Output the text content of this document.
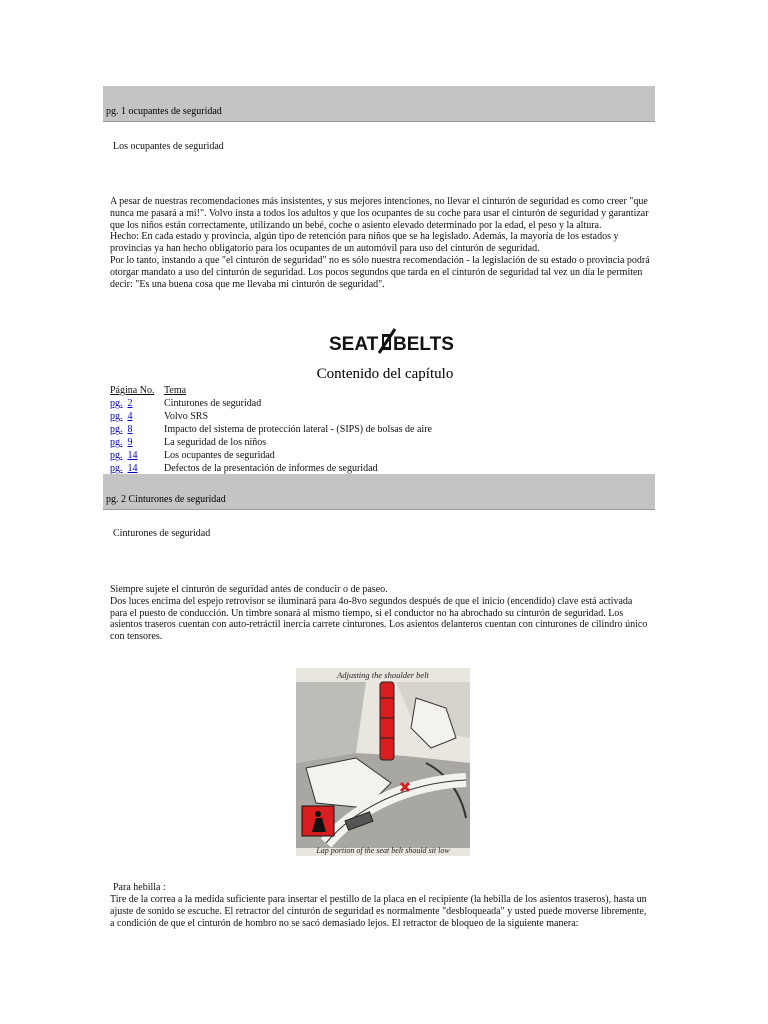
pg. 1 ocupantes de seguridad
Los ocupantes de seguridad

A pesar de nuestras recomendaciones más insistentes, y sus mejores intenciones, no llevar el cinturón de seguridad es como creer "que nunca me pasará a mí!". Volvo insta a todos los adultos y que los ocupantes de su coche para usar el cinturón de seguridad y garantizar que los niños están correctamente, utilizando un bebé, coche o asiento elevado determinado por la edad, el peso y la altura.

Hecho: En cada estado y provincia, algún tipo de retención para niños que se ha legislado. Además, la mayoría de los estados y provincias ya han hecho obligatorio para los ocupantes de un automóvil para uso del cinturón de seguridad.

Por lo tanto, instando a que "el cinturón de seguridad" no es sólo nuestra recomendación - la legislación de su estado o provincia podrá otorgar mandato a uso del cinturón de seguridad. Los pocos segundos que tarda en el cinturón de seguridad tal vez un día le permiten decir: "Es una buena cosa que me llevaba mi cinturón de seguridad".

SEAT BELTS
Contenido del capítulo
Página No. Tema
pg. 2	Cinturones de seguridad
pg. 4	Volvo SRS
pg. 8	Impacto del sistema de protección lateral - (SIPS) de bolsas de aire
pg. 9	La seguridad de los niños
pg. 14	Los ocupantes de seguridad
pg. 14	Defectos de la presentación de informes de seguridad
pg. 2 Cinturones de seguridad
Cinturones de seguridad

Siempre sujete el cinturón de seguridad antes de conducir o de paseo.

Dos luces encima del espejo retrovisor se iluminará para 4o-8vo segundos después de que el inicio (encendido) clave está activada para el puesto de conducción. Un timbre sonará al mismo tiempo, si el conductor no ha abrochado su cinturón de seguridad. Los asientos traseros cuentan con auto-retráctil inercia carrete cinturones. Los asientos delanteros cuentan con cinturones de cilindro único con tensores.

Adjusting the shoulder belt
Lap portion of the seat belt should sit low
Para hebilla :

Tire de la correa a la medida suficiente para insertar el pestillo de la placa en el recipiente (la hebilla de los asientos traseros), hasta un ajuste de sonido se escuche. El retractor del cinturón de seguridad es normalmente "desbloqueada" y usted puede moverse libremente, a condición de que el cinturón de hombro no se sacó demasiado lejos. El retractor de bloqueo de la siguiente manera:
